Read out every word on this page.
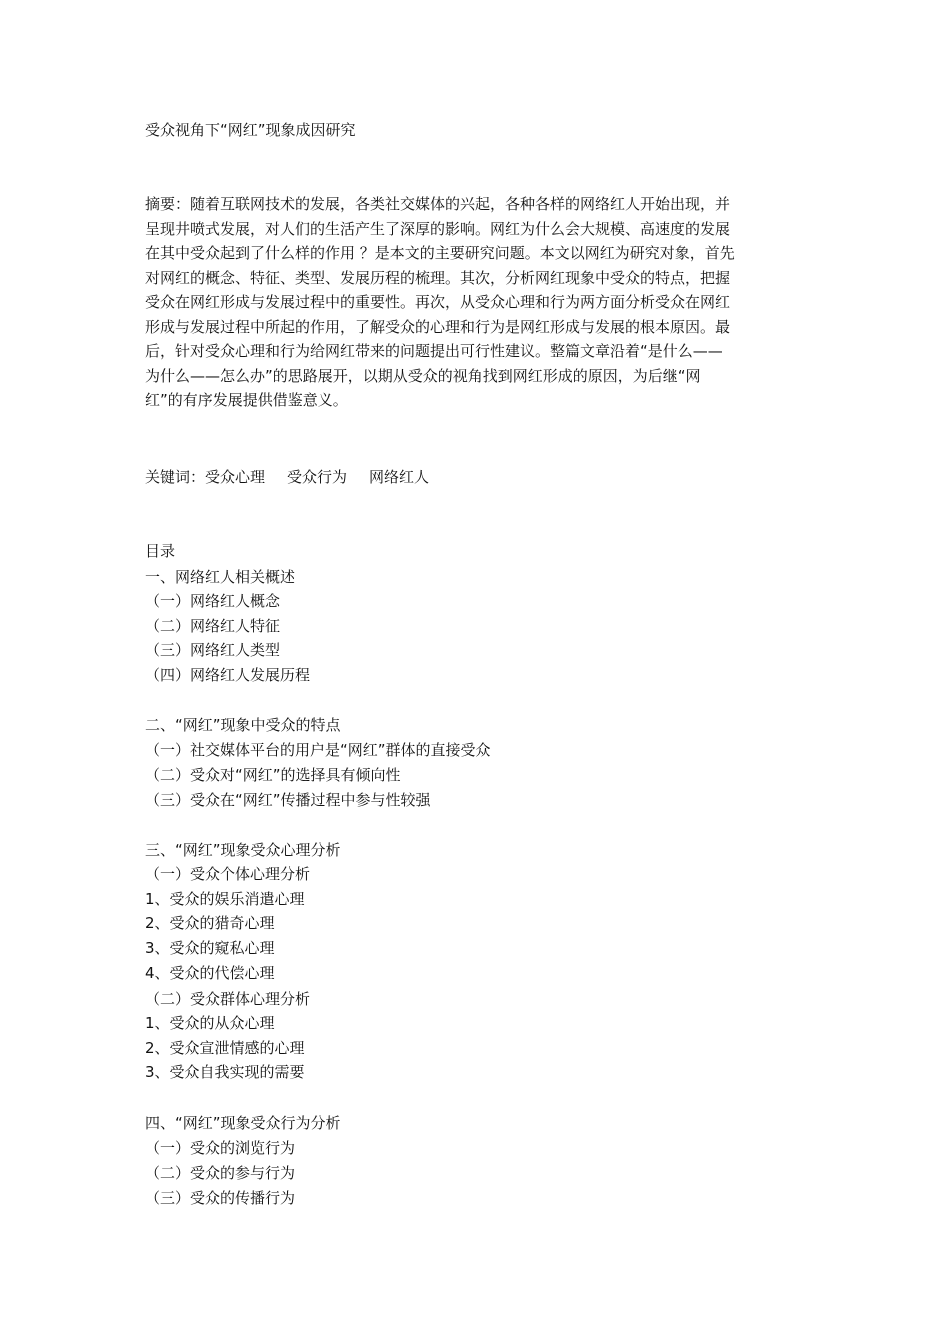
受众视角下“网红”现象成因研究
摘要：随着互联网技术的发展，各类社交媒体的兴起，各种各样的网络红人开始出现，并
呈现井喷式发展，对人们的生活产生了深厚的影响。网红为什么会大规模、高速度的发展
在其中受众起到了什么样的作用 ？是本文的主要研究问题。本文以网红为研究对象，首先
对网红的概念、特征、类型、发展历程的梳理。其次，分析网红现象中受众的特点，把握
受众在网红形成与发展过程中的重要性。再次，从受众心理和行为两方面分析受众在网红
形成与发展过程中所起的作用，了解受众的心理和行为是网红形成与发展的根本原因。最
后，针对受众心理和行为给网红带来的问题提出可行性建议。整篇文章沿着“是什么——
为什么——怎么办”的思路展开，以期从受众的视角找到网红形成的原因，为后继“网
红”的有序发展提供借鉴意义。
关键词：受众心理 受众行为 网络红人
目录
一、网络红人相关概述
（一）网络红人概念
（二）网络红人特征
（三）网络红人类型
（四）网络红人发展历程
二、“网红”现象中受众的特点
（一）社交媒体平台的用户是“网红”群体的直接受众
（二）受众对“网红”的选择具有倾向性
（三）受众在“网红”传播过程中参与性较强
三、“网红”现象受众心理分析
（一）受众个体心理分析
1、受众的娱乐消遣心理
2、受众的猎奇心理
3、受众的窥私心理
4、受众的代偿心理
（二）受众群体心理分析
1、受众的从众心理
2、受众宣泄情感的心理
3、受众自我实现的需要
四、“网红”现象受众行为分析
（一）受众的浏览行为
（二）受众的参与行为
（三）受众的传播行为
